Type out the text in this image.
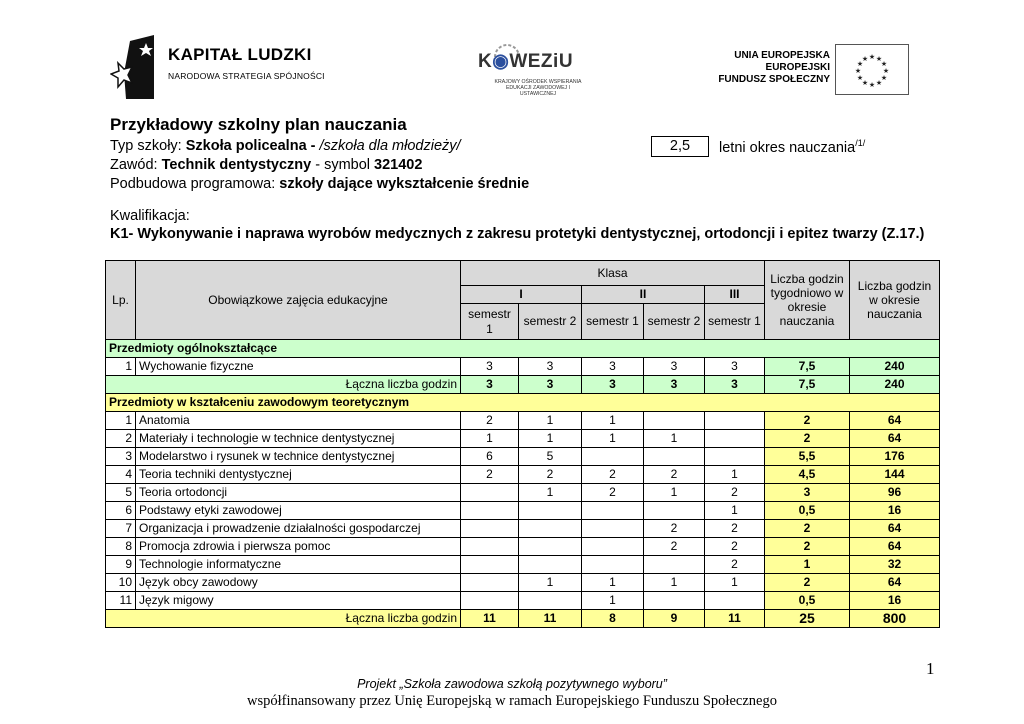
KAPITAŁ LUDZKI
NARODOWA STRATEGIA SPÓJNOŚCI
K◉WEZiU
KRAJOWY OŚRODEK WSPIERANIA EDUKACJI ZAWODOWEJ I USTAWICZNEJ
UNIA EUROPEJSKA
EUROPEJSKI
FUNDUSZ SPOŁECZNY
★ ★
★
★
★
★
★
★
★
★
★
★
Przykładowy szkolny plan nauczania
Typ szkoły: Szkoła policealna - /szkoła dla młodzieży/	2,5	letni okres nauczania$^{/1/}$
Zawód: Technik dentystyczny - symbol 321402
Podbudowa programowa: szkoły dające wykształcenie średnie
Kwalifikacja:
K1- Wykonywanie i naprawa wyrobów medycznych z zakresu protetyki dentystycznej, ortodoncji i epitez twarzy (Z.17.)
Lp.	Obowiązkowe zajęcia edukacyjne	Klasa					Liczba godzin tygodniowo w okresie nauczania	Liczba godzin w okresie nauczania
		I		II		III		
		semestr 1	semestr 2	semestr 1	semestr 2	semestr 1		
Przedmioty ogólnokształcące								
1	Wychowanie fizyczne	3	3	3	3	3	7,5	240
Łączna liczba godzin		3	3	3	3	3	7,5	240
Przedmioty w kształceniu zawodowym teoretycznym								
1	Anatomia	2	1	1			2	64
2	Materiały i technologie w technice dentystycznej	1	1	1	1		2	64
3	Modelarstwo i rysunek w technice dentystycznej	6	5				5,5	176
4	Teoria techniki dentystycznej	2	2	2	2	1	4,5	144
5	Teoria ortodoncji		1	2	1	2	3	96
6	Podstawy etyki zawodowej					1	0,5	16
7	Organizacja i prowadzenie działalności gospodarczej				2	2	2	64
8	Promocja zdrowia i pierwsza pomoc				2	2	2	64
9	Technologie informatyczne					2	1	32
10	Język obcy zawodowy		1	1	1	1	2	64
11	Język migowy			1			0,5	16
Łączna liczba godzin		11	11	8	9	11	25	800
1
Projekt „Szkoła zawodowa szkołą pozytywnego wyboru”
współfinansowany przez Unię Europejską w ramach Europejskiego Funduszu Społecznego
